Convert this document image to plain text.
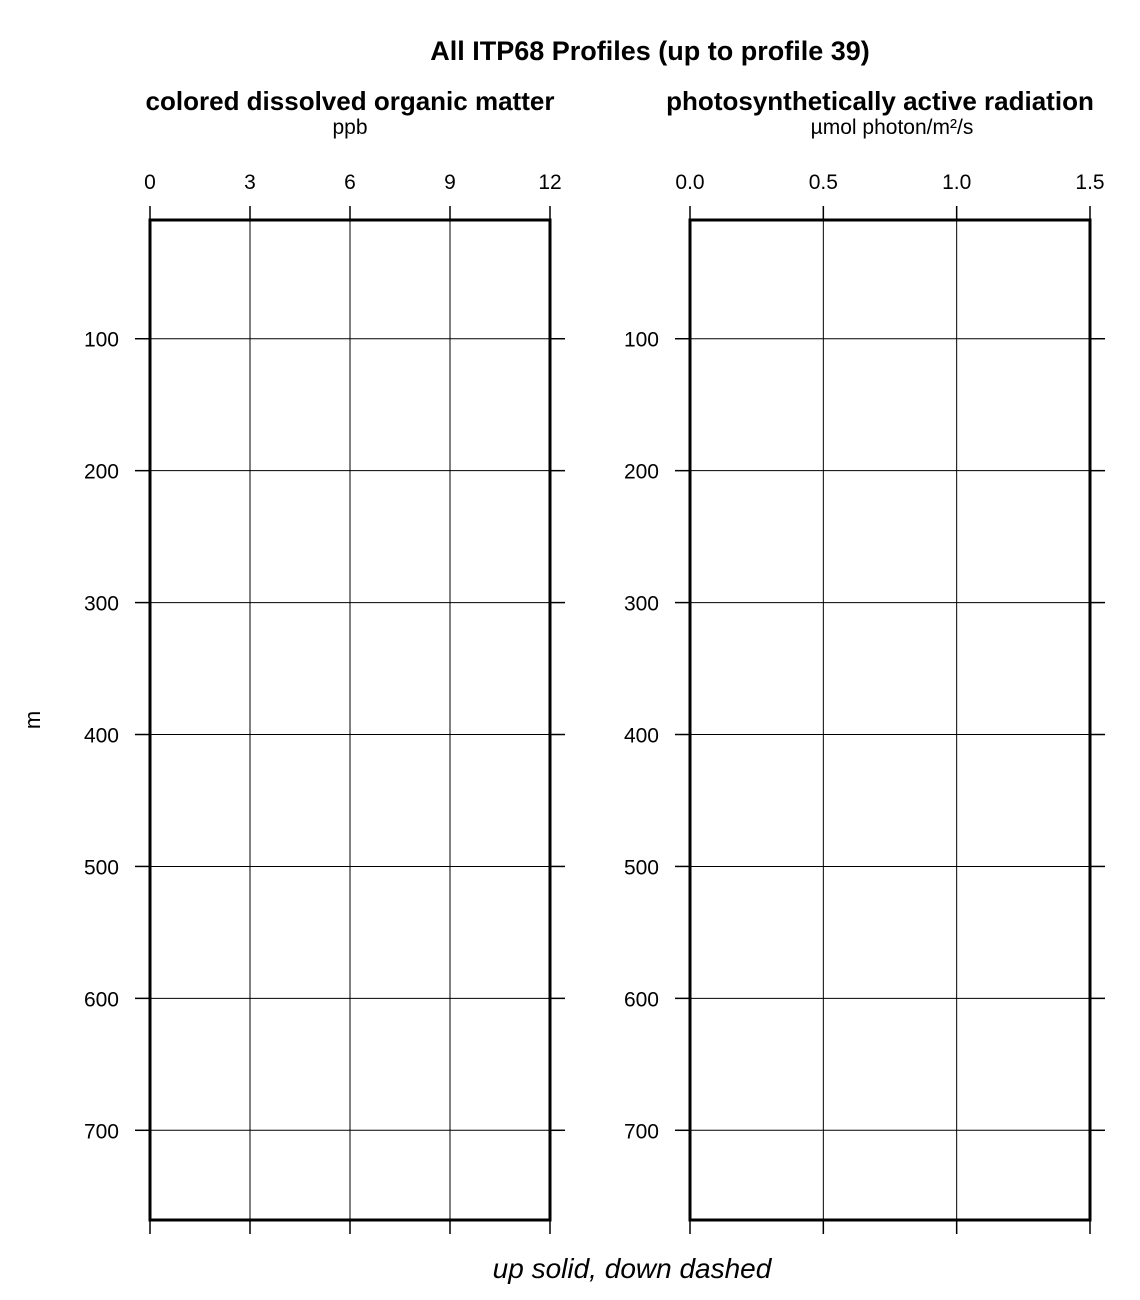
All ITP68 Profiles (up to profile 39)
colored dissolved organic matter
ppb
0	3	6	9	12
100
200
300
400
500
600
700
photosynthetically active radiation
µmol photon/m²/s
0.0	0.5	1.0	1.5
100
200
300
400
500
600
700
m
up solid, down dashed
